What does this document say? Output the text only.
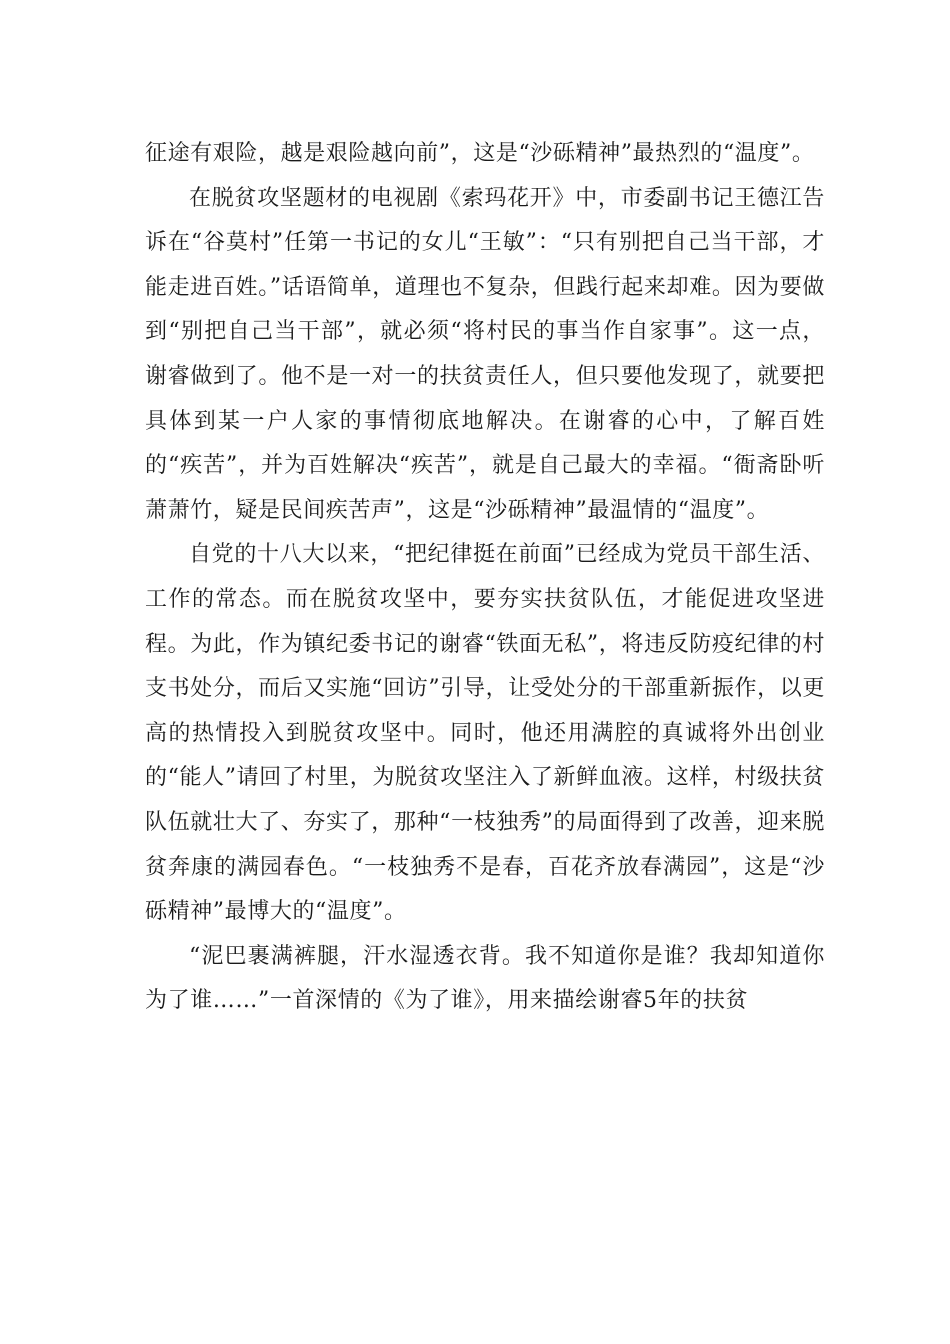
征途有艰险，越是艰险越向前”，这是“沙砾精神”最热烈的“温度”。

在脱贫攻坚题材的电视剧《索玛花开》中，市委副书记王德江告诉在“谷莫村”任第一书记的女儿“王敏”：“只有别把自己当干部，才能走进百姓。”话语简单，道理也不复杂，但践行起来却难。因为要做到“别把自己当干部”，就必须“将村民的事当作自家事”。这一点，谢睿做到了。他不是一对一的扶贫责任人，但只要他发现了，就要把具体到某一户人家的事情彻底地解决。在谢睿的心中，了解百姓的“疾苦”，并为百姓解决“疾苦”，就是自己最大的幸福。“衙斋卧听萧萧竹，疑是民间疾苦声”，这是“沙砾精神”最温情的“温度”。

自党的十八大以来，“把纪律挺在前面”已经成为党员干部生活、工作的常态。而在脱贫攻坚中，要夯实扶贫队伍，才能促进攻坚进程。为此，作为镇纪委书记的谢睿“铁面无私”，将违反防疫纪律的村支书处分，而后又实施“回访”引导，让受处分的干部重新振作，以更高的热情投入到脱贫攻坚中。同时，他还用满腔的真诚将外出创业的“能人”请回了村里，为脱贫攻坚注入了新鲜血液。这样，村级扶贫队伍就壮大了、夯实了，那种“一枝独秀”的局面得到了改善，迎来脱贫奔康的满园春色。“一枝独秀不是春，百花齐放春满园”，这是“沙砾精神”最博大的“温度”。

“泥巴裹满裤腿，汗水湿透衣背。我不知道你是谁？我却知道你为了谁……”一首深情的《为了谁》，用来描绘谢睿5年的扶贫
